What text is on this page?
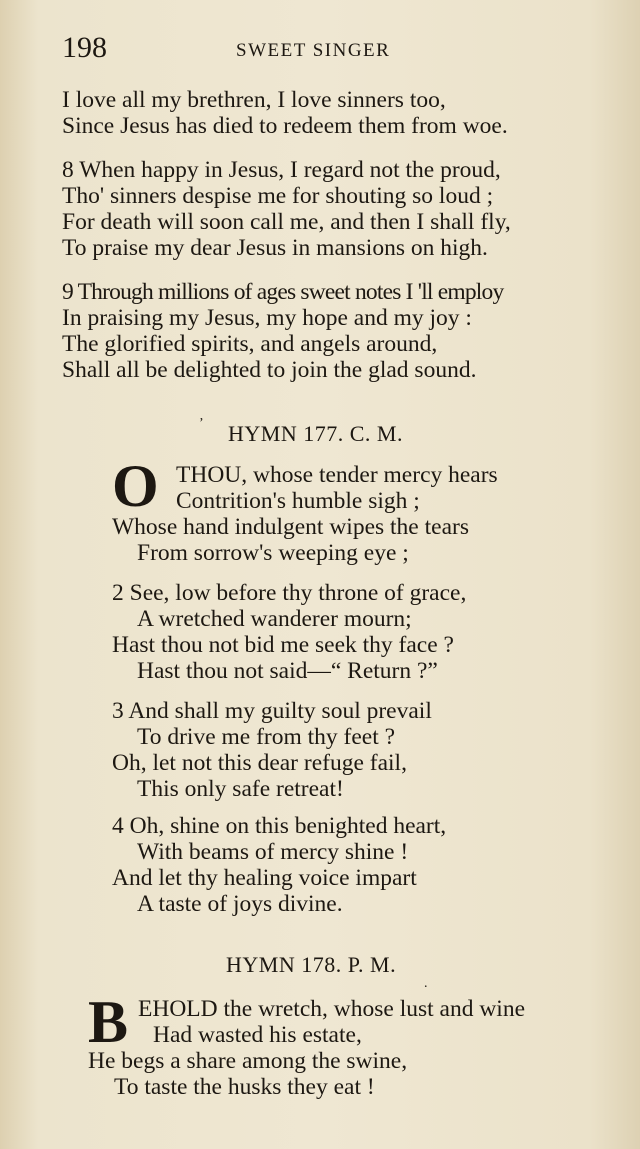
198	SWEET SINGER
I love all my brethren, I love sinners too,
Since Jesus has died to redeem them from woe.
8 When happy in Jesus, I regard not the proud,
Tho' sinners despise me for shouting so loud ;
For death will soon call me, and then I shall fly,
To praise my dear Jesus in mansions on high.
9 Through millions of ages sweet notes I 'll employ
In praising my Jesus, my hope and my joy :
The glorified spirits, and angels around,
Shall all be delighted to join the glad sound.
’ HYMN 177. C. M.
O THOU, whose tender mercy hears
Contrition's humble sigh ;
Whose hand indulgent wipes the tears
From sorrow's weeping eye ;
2 See, low before thy throne of grace,
A wretched wanderer mourn;
Hast thou not bid me seek thy face ?
Hast thou not said—“ Return ?”
3 And shall my guilty soul prevail
To drive me from thy feet ?
Oh, let not this dear refuge fail,
This only safe retreat!
4 Oh, shine on this benighted heart,
With beams of mercy shine !
And let thy healing voice impart
A taste of joys divine.
HYMN 178. P. M.
.
B EHOLD the wretch, whose lust and wine
Had wasted his estate,
He begs a share among the swine,
To taste the husks they eat !
